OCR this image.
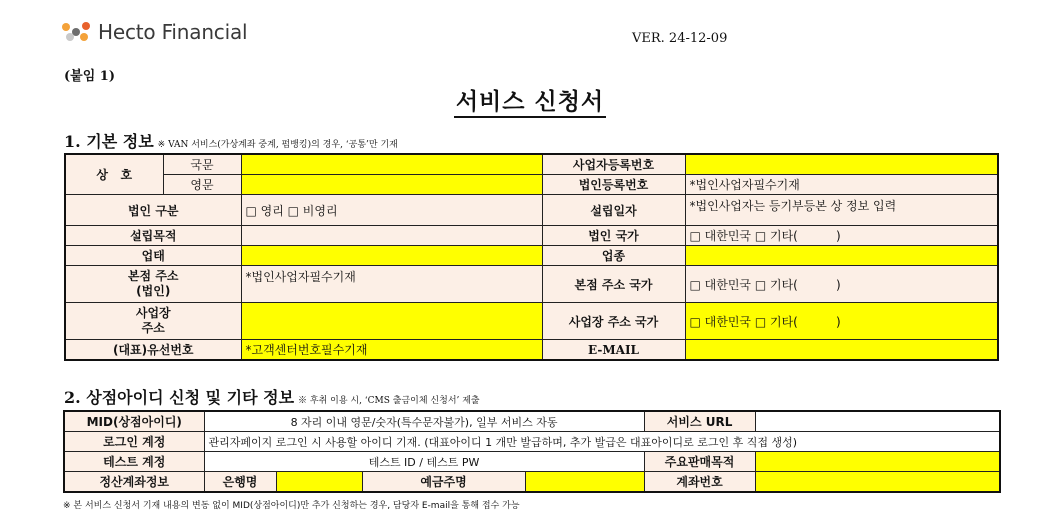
Hecto Financial	VER. 24-12-09
(붙임 1)
서비스 신청서
1. 기본 정보 ※ VAN 서비스(가상계좌 중계, 펌뱅킹)의 경우, ‘공통’만 기재
상   호	국문		사업자등록번호	
	영문		법인등록번호	*법인사업자필수기재
법인 구분		□ 영리 □ 비영리	설립일자	*법인사업자는 등기부등본 상 정보 입력
설립목적			법인 국가	□ 대한민국 □ 기타(          )
업태			업종	
본점 주소
(법인)		*법인사업자필수기재	본점 주소 국가	□ 대한민국 □ 기타(          )
사업장
주소			사업장 주소 국가	□ 대한민국 □ 기타(          )
(대표)유선번호		*고객센터번호필수기재	E-MAIL	
2. 상점아이디 신청 및 기타 정보 ※ 후취 이용 시, ‘CMS 출금이체 신청서’ 제출
MID(상점아이디)	8 자리 이내 영문/숫자(특수문자불가), 일부 서비스 자동				서비스 URL	
로그인 계정	관리자페이지 로그인 시 사용할 아이디 기재. (대표아이디 1 개만 발급하며, 추가 발급은 대표아이디로 로그인 후 직접 생성)					
테스트 계정	테스트 ID / 테스트 PW				주요판매목적	
정산계좌정보	은행명		예금주명		계좌번호	
※ 본 서비스 신청서 기재 내용의 변동 없이 MID(상점아이디)만 추가 신청하는 경우, 담당자 E-mail을 통해 접수 가능
